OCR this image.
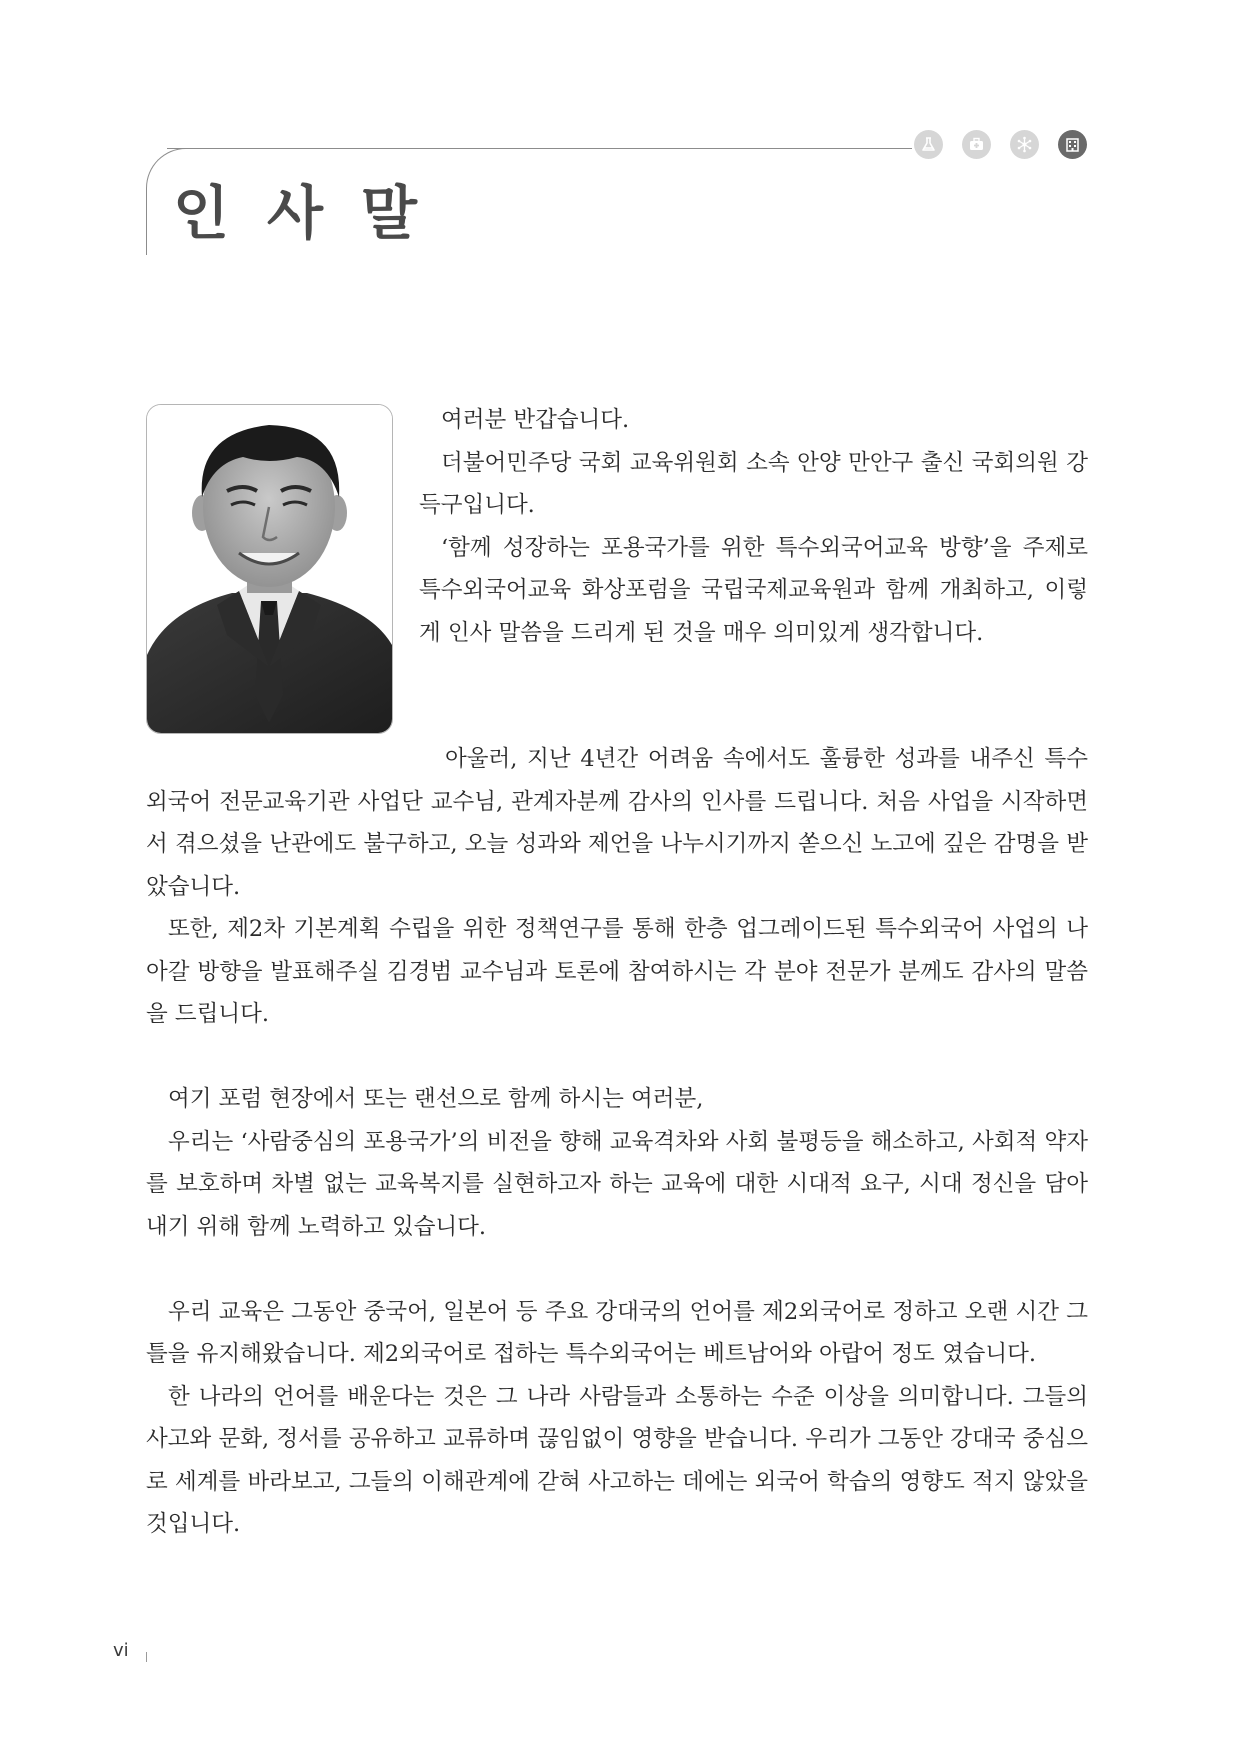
인사말

여러분 반갑습니다.

더불어민주당 국회 교육위원회 소속 안양 만안구 출신 국회의원 강득구입니다.

‘함께 성장하는 포용국가를 위한 특수외국어교육 방향’을 주제로 특수외국어교육 화상포럼을 국립국제교육원과 함께 개최하고, 이렇게 인사 말씀을 드리게 된 것을 매우 의미있게 생각합니다.

아울러, 지난 4년간 어려움 속에서도 훌륭한 성과를 내주신 특수외국어 전문교육기관 사업단 교수님, 관계자분께 감사의 인사를 드립니다. 처음 사업을 시작하면서 겪으셨을 난관에도 불구하고, 오늘 성과와 제언을 나누시기까지 쏟으신 노고에 깊은 감명을 받았습니다.

또한, 제2차 기본계획 수립을 위한 정책연구를 통해 한층 업그레이드된 특수외국어 사업의 나아갈 방향을 발표해주실 김경범 교수님과 토론에 참여하시는 각 분야 전문가 분께도 감사의 말씀을 드립니다.

여기 포럼 현장에서 또는 랜선으로 함께 하시는 여러분,

우리는 ‘사람중심의 포용국가’의 비전을 향해 교육격차와 사회 불평등을 해소하고, 사회적 약자를 보호하며 차별 없는 교육복지를 실현하고자 하는 교육에 대한 시대적 요구, 시대 정신을 담아내기 위해 함께 노력하고 있습니다.

우리 교육은 그동안 중국어, 일본어 등 주요 강대국의 언어를 제2외국어로 정하고 오랜 시간 그 틀을 유지해왔습니다. 제2외국어로 접하는 특수외국어는 베트남어와 아랍어 정도 였습니다.

한 나라의 언어를 배운다는 것은 그 나라 사람들과 소통하는 수준 이상을 의미합니다. 그들의 사고와 문화, 정서를 공유하고 교류하며 끊임없이 영향을 받습니다. 우리가 그동안 강대국 중심으로 세계를 바라보고, 그들의 이해관계에 갇혀 사고하는 데에는 외국어 학습의 영향도 적지 않았을 것입니다.

vi
